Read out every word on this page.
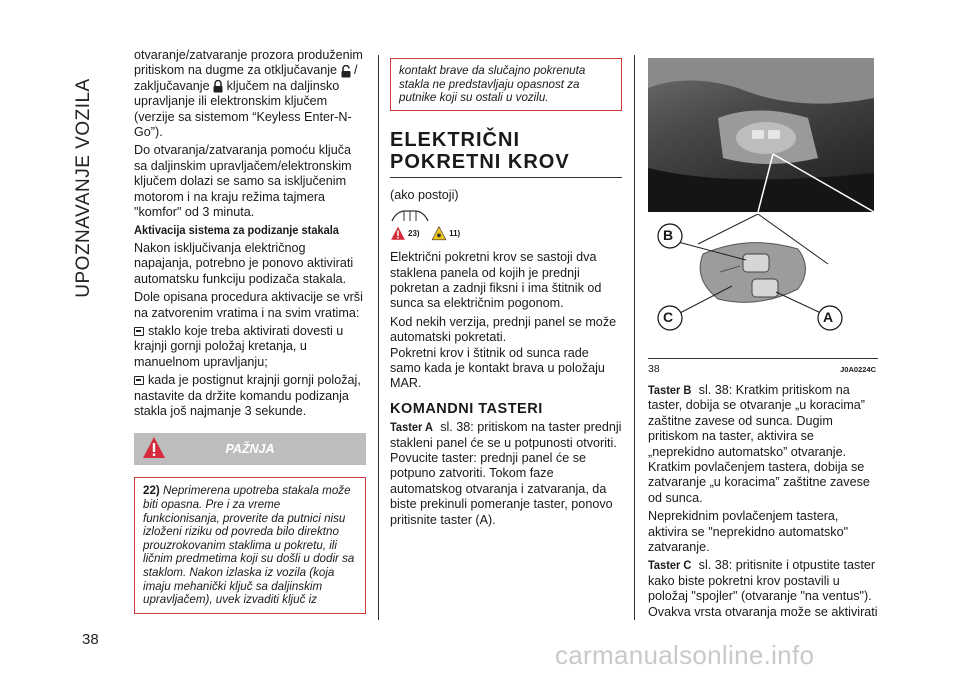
UPOZNAVANJE VOZILA
38

otvaranje/zatvaranje prozora produženim pritiskom na dugme za otključavanje / zaključavanje ključem na daljinsko upravljanje ili elektronskim ključem (verzije sa sistemom “Keyless Enter-N-Go”).

Do otvaranja/zatvaranja pomoću ključa sa daljinskim upravljačem/elektronskim ključem dolazi se samo sa isključenim motorom i na kraju režima tajmera "komfor" od 3 minuta.

Aktivacija sistema za podizanje stakala

Nakon isključivanja električnog napajanja, potrebno je ponovo aktivirati automatsku funkciju podizača stakala.

Dole opisana procedura aktivacije se vrši na zatvorenim vratima i na svim vratima:

staklo koje treba aktivirati dovesti u krajnji gornji položaj kretanja, u manuelnom upravljanju;

kada je postignut krajnji gornji položaj, nastavite da držite komandu podizanja stakla još najmanje 3 sekunde.

PAŽNJA
22) Neprimerena upotreba stakala može biti opasna. Pre i za vreme funkcionisanja, proverite da putnici nisu izloženi riziku od povreda bilo direktno prouzrokovanim staklima u pokretu, ili ličnim predmetima koji su došli u dodir sa staklom. Nakon izlaska iz vozila (koja imaju mehanički ključ sa daljinskim upravljačem), uvek izvaditi ključ iz
kontakt brave da slučajno pokrenuta stakla ne predstavljaju opasnost za putnike koji su ostali u vozilu.
ELEKTRIČNI POKRETNI KROV

(ako postoji)

23)	11)

Električni pokretni krov se sastoji dva staklena panela od kojih je prednji pokretan a zadnji fiksni i ima štitnik od sunca sa električnim pogonom.

Kod nekih verzija, prednji panel se može automatski pokretati.

Pokretni krov i štitnik od sunca rade samo kada je kontakt brava u položaju MAR.

KOMANDNI TASTERI

Taster A sl. 38: pritiskom na taster prednji stakleni panel će se u potpunosti otvoriti. Povucite taster: prednji panel će se potpuno zatvoriti. Tokom faze automatskog otvaranja i zatvaranja, da biste prekinuli pomeranje taster, ponovo pritisnite taster (A).

B
C	A
38	J0A0224C

Taster B sl. 38: Kratkim pritiskom na taster, dobija se otvaranje „u koracima” zaštitne zavese od sunca. Dugim pritiskom na taster, aktivira se „neprekidno automatsko” otvaranje. Kratkim povlačenjem tastera, dobija se zatvaranje „u koracima” zaštitne zavese od sunca.

Neprekidnim povlačenjem tastera, aktivira se "neprekidno automatsko" zatvaranje.

Taster C sl. 38: pritisnite i otpustite taster kako biste pokretni krov postavili u položaj "spojler" (otvaranje "na ventus"). Ovakva vrsta otvaranja može se aktivirati

carmanualsonline.info
